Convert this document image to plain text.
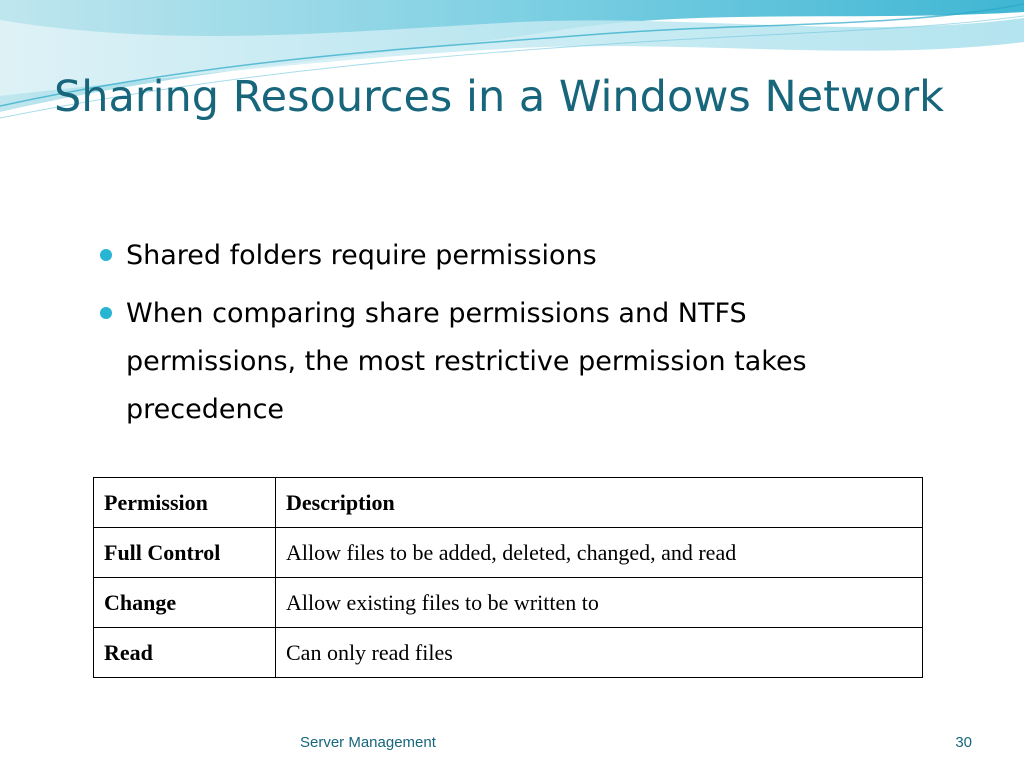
Sharing Resources in a Windows Network
Shared folders require permissions
When comparing share permissions and NTFS permissions, the most restrictive permission takes precedence
Permission	Description
Full Control	Allow files to be added, deleted, changed, and read
Change	Allow existing files to be written to
Read	Can only read files
Server Management	30
